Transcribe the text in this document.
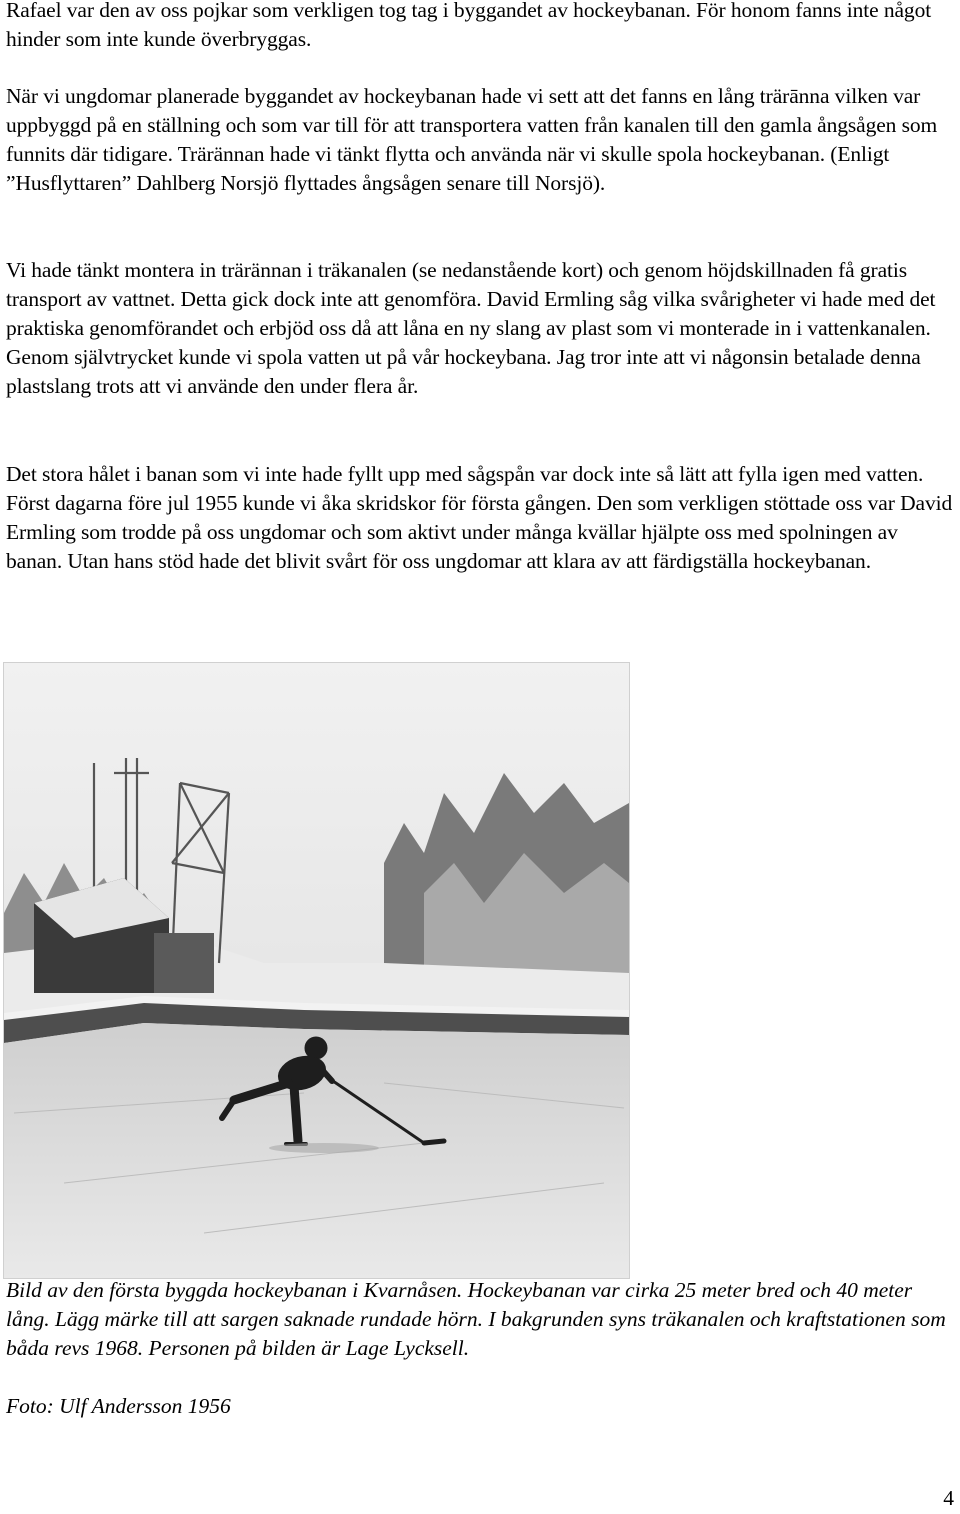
Rafael var den av oss pojkar som verkligen tog tag i byggandet av hockeybanan. För honom fanns inte något hinder som inte kunde överbryggas.

När vi ungdomar planerade byggandet av hockeybanan hade vi sett att det fanns en lång trärānna vilken var uppbyggd på en ställning och som var till för att transportera vatten från kanalen till den gamla ångsågen som funnits där tidigare. Trärännan hade vi tänkt flytta och använda när vi skulle spola hockeybanan. (Enligt ”Husflyttaren” Dahlberg Norsjö flyttades ångsågen senare till Norsjö).

Vi hade tänkt montera in trärännan i träkanalen (se nedanstående kort) och genom höjdskillnaden få gratis transport av vattnet. Detta gick dock inte att genomföra. David Ermling såg vilka svårigheter vi hade med det praktiska genomförandet och erbjöd oss då att låna en ny slang av plast som vi monterade in i vattenkanalen. Genom självtrycket kunde vi spola vatten ut på vår hockeybana. Jag tror inte att vi någonsin betalade denna plastslang trots att vi använde den under flera år.

Det stora hålet i banan som vi inte hade fyllt upp med sågspån var dock inte så lätt att fylla igen med vatten. Först dagarna före jul 1955 kunde vi åka skridskor för första gången. Den som verkligen stöttade oss var David Ermling som trodde på oss ungdomar och som aktivt under många kvällar hjälpte oss med spolningen av banan. Utan hans stöd hade det blivit svårt för oss ungdomar att klara av att färdigställa hockeybanan.

Bild av den första byggda hockeybanan i Kvarnåsen. Hockeybanan var cirka 25 meter bred och 40 meter lång. Lägg märke till att sargen saknade rundade hörn. I bakgrunden syns träkanalen och kraftstationen som båda revs 1968. Personen på bilden är Lage Lycksell.

Foto: Ulf Andersson 1956

4
